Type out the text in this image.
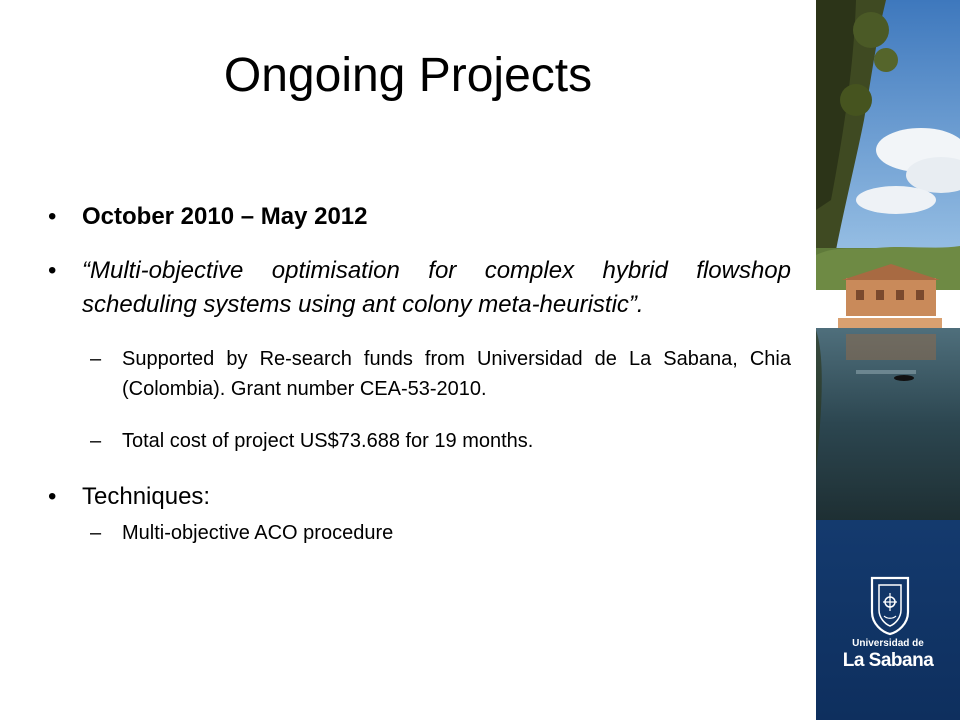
Ongoing Projects
• October 2010 – May 2012
• “Multi-objective optimisation for complex hybrid flowshop scheduling systems using ant colony meta-heuristic”.
– Supported by Re-search funds from Universidad de La Sabana, Chia (Colombia). Grant number CEA-53-2010.
– Total cost of project US$73.688 for 19 months.
• Techniques:
– Multi-objective ACO procedure
Universidad de
La Sabana
